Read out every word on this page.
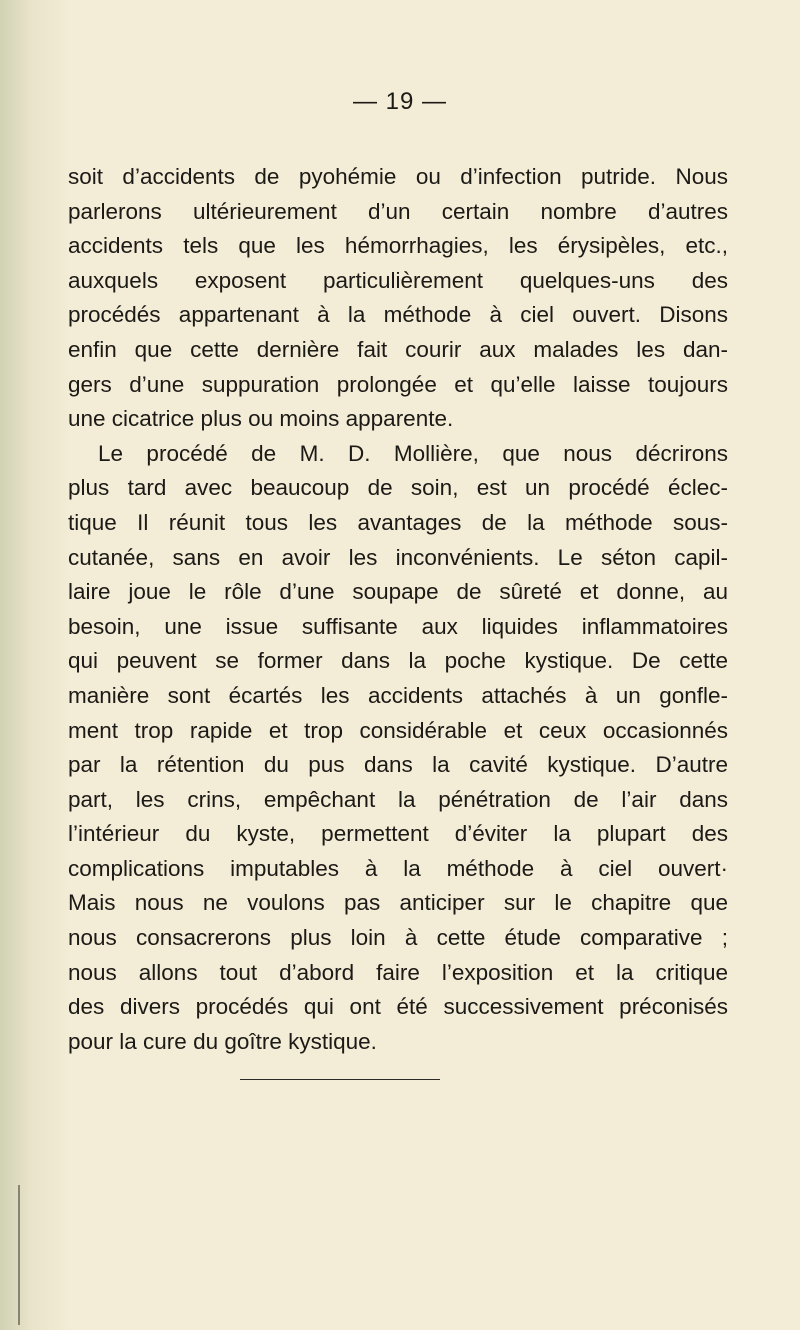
— 19 —
soit d’accidents de pyohémie ou d’infection putride. Nous
parlerons ultérieurement d’un certain nombre d’autres
accidents tels que les hémorrhagies, les érysipèles, etc.,
auxquels exposent particulièrement quelques-uns des
procédés appartenant à la méthode à ciel ouvert. Disons
enfin que cette dernière fait courir aux malades les dan-
gers d’une suppuration prolongée et qu’elle laisse toujours
une cicatrice plus ou moins apparente.
Le procédé de M. D. Mollière, que nous décrirons
plus tard avec beaucoup de soin, est un procédé éclec-
tique Il réunit tous les avantages de la méthode sous-
cutanée, sans en avoir les inconvénients. Le séton capil-
laire joue le rôle d’une soupape de sûreté et donne, au
besoin, une issue suffisante aux liquides inflammatoires
qui peuvent se former dans la poche kystique. De cette
manière sont écartés les accidents attachés à un gonfle-
ment trop rapide et trop considérable et ceux occasionnés
par la rétention du pus dans la cavité kystique. D’autre
part, les crins, empêchant la pénétration de l’air dans
l’intérieur du kyste, permettent d’éviter la plupart des
complications imputables à la méthode à ciel ouvert·
Mais nous ne voulons pas anticiper sur le chapitre que
nous consacrerons plus loin à cette étude comparative ;
nous allons tout d’abord faire l’exposition et la critique
des divers procédés qui ont été successivement préconisés
pour la cure du goître kystique.
